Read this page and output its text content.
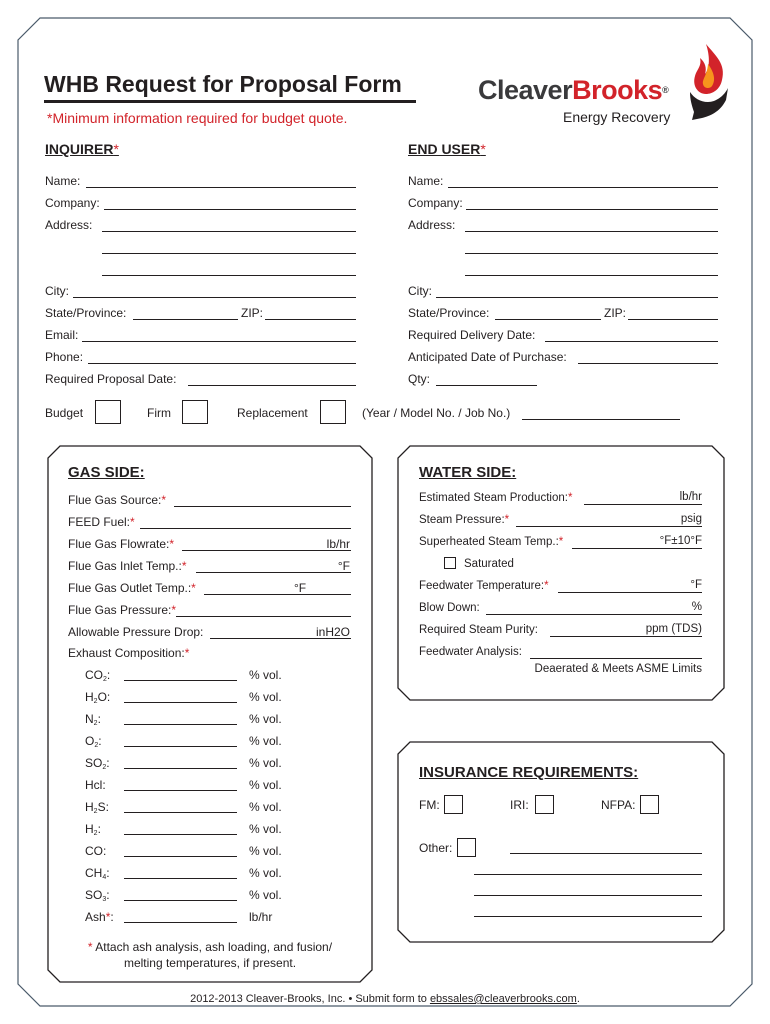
WHB Request for Proposal Form
*Minimum information required for budget quote.
CleaverBrooks®
Energy Recovery
INQUIRER*	END USER*
Name:
Company:
Address:
City:
State/Province:	ZIP:
Email:
Phone:
Required Proposal Date:
Name:
Company:
Address:
City:
State/Province:	ZIP:
Required Delivery Date:
Anticipated Date of Purchase:
Qty:
Budget	Firm	Replacement	(Year / Model No. / Job No.)
GAS SIDE:
Flue Gas Source:*
FEED Fuel:*
Flue Gas Flowrate:*	lb/hr
Flue Gas Inlet Temp.:*	°F
Flue Gas Outlet Temp.:*	°F
Flue Gas Pressure:*
Allowable Pressure Drop:	inH2O
Exhaust Composition:*
$CO_2$:	% vol.
$H_2O$:	% vol.
$N_2$:	% vol.
$O_2$:	% vol.
$SO_2$:	% vol.
Hcl:	% vol.
$H_2S$:	% vol.
$H_2$:	% vol.
CO:	% vol.
$CH_4$:	% vol.
$SO_3$:	% vol.
Ash*:	lb/hr
* Attach ash analysis, ash loading, and fusion/
melting temperatures, if present.
WATER SIDE:
Estimated Steam Production:*	lb/hr
Steam Pressure:*	psig
Superheated Steam Temp.:*	°F±10°F
Saturated
Feedwater Temperature:*	°F
Blow Down:	%
Required Steam Purity:	ppm (TDS)
Feedwater Analysis:
Deaerated & Meets ASME Limits
INSURANCE REQUIREMENTS:
FM:	IRI:	NFPA:
Other:
2012-2013 Cleaver-Brooks, Inc. • Submit form to ebssales@cleaverbrooks.com.
